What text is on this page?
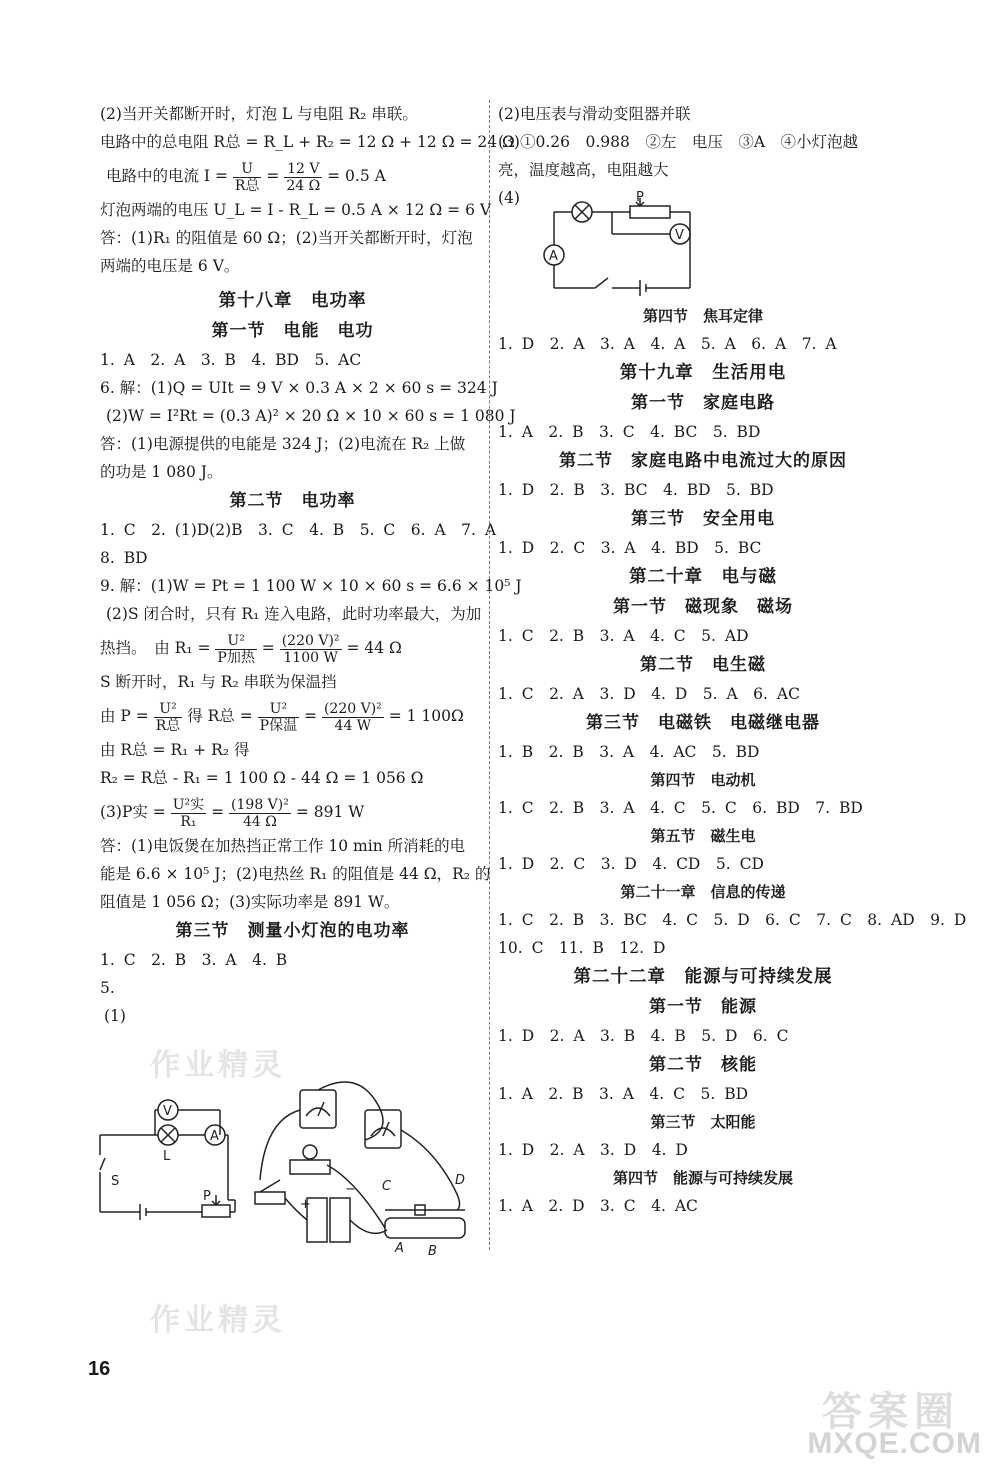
作业精灵
作业精灵
(2)当开关都断开时，灯泡 L 与电阻 R₂ 串联。
电路中的总电阻 R总 = R_L + R₂ = 12 Ω + 12 Ω = 24 Ω
电路中的电流 $I = \frac{U}{\text{R总}} = \frac{12 V}{24 \Omega} = 0.5$ A
灯泡两端的电压 U_L = I - R_L = 0.5 A × 12 Ω = 6 V
答：(1)R₁ 的阻值是 60 Ω；(2)当开关都断开时，灯泡
两端的电压是 6 V。
第十八章　电功率
第一节　电能　电功
1. A　2. A　3. B　4. BD　5. AC
6. 解：(1)Q = UIt = 9 V × 0.3 A × 2 × 60 s = 324 J
(2)W = I²Rt = (0.3 A)² × 20 Ω × 10 × 60 s = 1 080 J
答：(1)电源提供的电能是 324 J；(2)电流在 R₂ 上做
的功是 1 080 J。
第二节　电功率
1. C　2. (1)D(2)B　3. C　4. B　5. C　6. A　7. A
8. BD
9. 解：(1)W = Pt = 1 100 W × 10 × 60 s = 6.6 × 10⁵ J
(2)S 闭合时，只有 R₁ 连入电路，此时功率最大，为加
热挡。　由 $R_1 = \frac{\text{U²}}{\text{P加热}} = \frac{\text{(220 V)²}}{1100 W} = 44$ Ω
S 断开时，R₁ 与 R₂ 串联为保温挡
由 $P = \frac{\text{U²}}{\text{R总}}$ 得 R总 = $\frac{\text{U²}}{\text{P保温}} = \frac{\text{(220 V)²}}{44 W} = 1$ 100Ω
由 R总 = R₁ + R₂ 得
R₂ = R总 - R₁ = 1 100 Ω - 44 Ω = 1 056 Ω
(3)P实 = $\frac{\text{U²实}}{\text{R₁}} = \frac{\text{(198 V)²}}{44 \Omega} = 891$ W
答：(1)电饭煲在加热挡正常工作 10 min 所消耗的电
能是 6.6 × 10⁵ J；(2)电热丝 R₁ 的阻值是 44 Ω，R₂ 的
阻值是 1 056 Ω；(3)实际功率是 891 W。
第三节　测量小灯泡的电功率
1. C　2. B　3. A　4. B
5.
(1)
V
A
S
L
P
C	D
A B
+
−
(2)电压表与滑动变阻器并联
(3)①0.26　0.988　②左　电压　③A　④小灯泡越
亮，温度越高，电阻越大
(4)
第四节　焦耳定律
1. D　2. A　3. A　4. A　5. A　6. A　7. A
第十九章　生活用电
第一节　家庭电路
1. A　2. B　3. C　4. BC　5. BD
第二节　家庭电路中电流过大的原因
1. D　2. B　3. BC　4. BD　5. BD
第三节　安全用电
1. D　2. C　3. A　4. BD　5. BC
第二十章　电与磁
第一节　磁现象　磁场
1. C　2. B　3. A　4. C　5. AD
第二节　电生磁
1. C　2. A　3. D　4. D　5. A　6. AC
第三节　电磁铁　电磁继电器
1. B　2. B　3. A　4. AC　5. BD
第四节　电动机
1. C　2. B　3. A　4. C　5. C　6. BD　7. BD
第五节　磁生电
1. D　2. C　3. D　4. CD　5. CD
第二十一章　信息的传递
1. C　2. B　3. BC　4. C　5. D　6. C　7. C　8. AD　9. D
10. C　11. B　12. D
第二十二章　能源与可持续发展
第一节　能源
1. D　2. A　3. B　4. B　5. D　6. C
第二节　核能
1. A　2. B　3. A　4. C　5. BD
第三节　太阳能
1. D　2. A　3. D　4. D
第四节　能源与可持续发展
1. A　2. D　3. C　4. AC
P
V
A
16
答案圈
MXQE.COM
